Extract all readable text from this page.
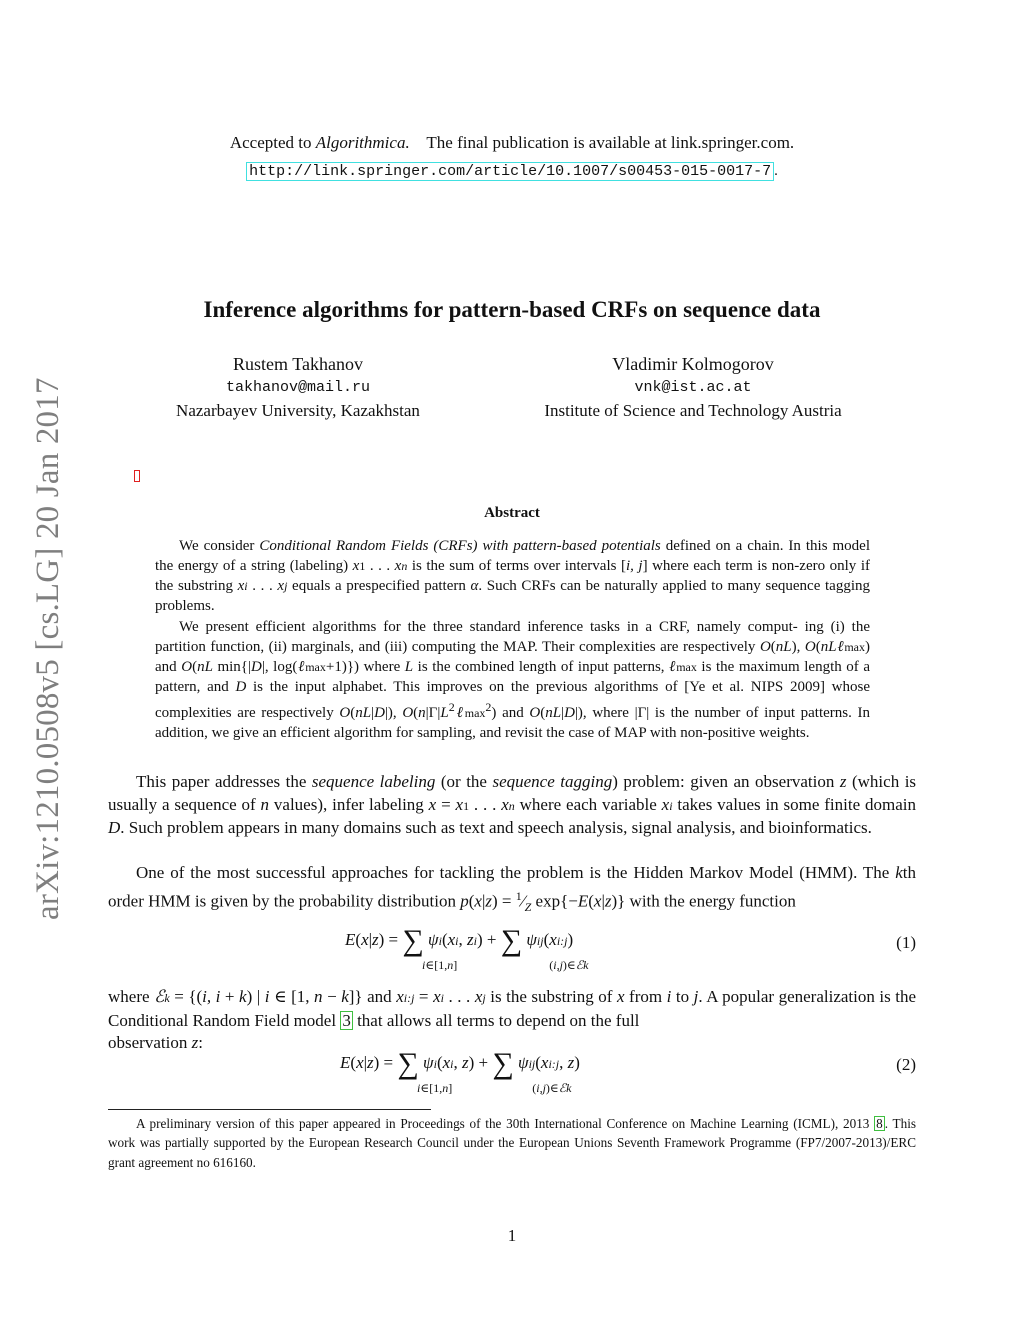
Accepted to Algorithmica. The final publication is available at link.springer.com.
http://link.springer.com/article/10.1007/s00453-015-0017-7 .
arXiv:1210.0508v5 [cs.LG] 20 Jan 2017
Inference algorithms for pattern-based CRFs on sequence data
Rustem Takhanov
takhanov@mail.ru
Nazarbayev University, Kazakhstan
Vladimir Kolmogorov
vnk@ist.ac.at
Institute of Science and Technology Austria
Abstract
We consider Conditional Random Fields (CRFs) with pattern-based potentials defined on a chain. In this model the energy of a string (labeling) x1 . . . xn is the sum of terms over intervals [i, j] where each term is non-zero only if the substring xi . . . xj equals a prespecified pattern α. Such CRFs can be naturally applied to many sequence tagging problems.
We present efficient algorithms for the three standard inference tasks in a CRF, namely comput- ing (i) the partition function, (ii) marginals, and (iii) computing the MAP. Their complexities are respectively O(nL), O(nLℓmax) and O(nL min{|D|, log(ℓmax+1)}) where L is the combined length of input patterns, ℓmax is the maximum length of a pattern, and D is the input alphabet. This improves on the previous algorithms of [Ye et al. NIPS 2009] whose complexities are respectively O(nL|D|), $O(n|\Gamma|L^2\ell\max^2)$ and O(nL|D|), where |Γ| is the number of input patterns. In addition, we give an efficient algorithm for sampling, and revisit the case of MAP with non-positive weights.
This paper addresses the sequence labeling (or the sequence tagging) problem: given an observation z (which is usually a sequence of n values), infer labeling x = x1 . . . xn where each variable xi takes values in some finite domain D. Such problem appears in many domains such as text and speech analysis, signal analysis, and bioinformatics.
One of the most successful approaches for tackling the problem is the Hidden Markov Model (HMM). The kth order HMM is given by the probability distribution $p(x|z) = ^1⁄_Z$ exp{−E(x|z)} with the energy function
E(x|z) = ∑ ψi(xi, zi) + ∑ ψij(xi:j)
i∈[1,n]	(i,j)∈ℰk
(1)
where ℰk = {(i, i + k) | i ∈ [1, n − k]} and xi:j = xi . . . xj is the substring of x from i to j. A popular generalization is the Conditional Random Field model 3 that allows all terms to depend on the full
observation z:
E(x|z) = ∑ ψi(xi, z) + ∑ ψij(xi:j, z)
i∈[1,n]	(i,j)∈ℰk
(2)
A preliminary version of this paper appeared in Proceedings of the 30th International Conference on Machine Learning (ICML), 2013 8 . This work was partially supported by the European Research Council under the European Unions Seventh Framework Programme (FP7/2007-2013)/ERC grant agreement no 616160.
1
